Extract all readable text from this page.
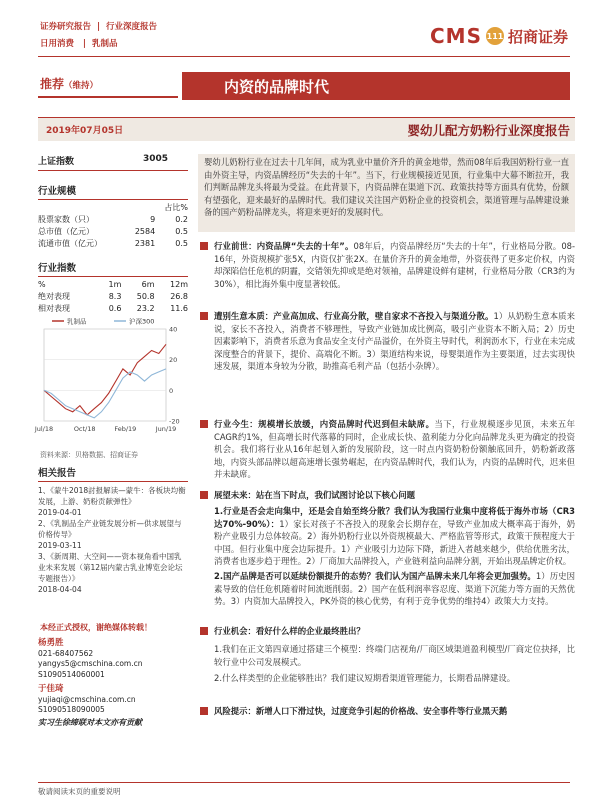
证券研究报告  |  行业深度报告
日用消费   |  乳制品	CMS 111 招商证券
推荐（维持）	内资的品牌时代
2019年07月05日	婴幼儿配方奶粉行业深度报告
上证指数	3005
行业规模
		占比%
股票家数（只）	9	0.2
总市值（亿元）	2584	0.5
流通市值（亿元）	2381	0.5
行业指数
%	1m	6m	12m
绝对表现	8.3	50.8	26.8
相对表现	0.6	23.2	11.6
40
20
0
-20
Jul/18	Oct/18	Feb/19	Jun/19
乳制品	沪深300
资料来源：贝格数据、招商证券
相关报告
1、《蒙牛2018討报解读—蒙牛：各板块均衡发展，上游、奶粉贡献弹性》
2019-04-01
2、《乳制品全产业链发展分析—供求展望与价格传导》
2019-03-11
3、《新周期、大空间——资本视角看中国乳业未来发展（第12届内蒙古乳业博览会论坛专题报告）》
2018-04-04
本经正式授权，谢绝媒体转载！
杨勇胜
021-68407562
yangys5@cmschina.com.cn
S1090514060001
于佳琦
yujiaqi@cmschina.com.cn
S1090518090005
实习生徐缔联对本文亦有贡献
婴幼儿奶粉行业在过去十几年间，成为乳业中量价齐升的黄金地带，然而08年后我国奶粉行业一直由外资主导，内资品牌经历“失去的十年”。当下，行业规模接近见顶，行业集中大幕不断拉开，我们判断品牌龙头将最为受益。在此背景下，内资品牌在渠道下沉、政策扶持等方面具有优势，份额有望强化，迎来最好的品牌时代。我们建议关注国产奶粉企业的投资机会，渠道管理与品牌建设兼备的国产奶粉品牌龙头，将迎来更好的发展时代。
行业前世：内资品牌“失去的十年”。08年后，内资品牌经历“失去的十年”，行业格局分散。08-16年，外资规模扩张5X，内资仅扩张2X。在量价齐升的黄金地带，外资获得了更多定价权，内资却深陷信任危机的阴霾，交错领先抑或是绝对领袖，品牌建设鲜有建树，行业格局分散（CR3约为30%），相比海外集中度显著较低。
遭别生意本质：产业高加成、行业高分散，壁自家求不吝投入与渠道分散。1）从奶粉生意本质来说，家长不吝投入，消费者不够理性，导致产业链加成比例高，吸引产业资本不断入局；2）历史因素影响下，消费者乐意为食品安全支付产品溢价，在外资主导时代，利润沥水下，行业在未完成深度整合的背景下，提价、高端化不断。3）渠道结构来说，母婴渠道作为主要渠道，过去实现快速发展，渠道本身较为分散，助推高毛利产品（包括小杂牌）。
行业今生：规模增长放缓，内资品牌时代迟到但未缺席。当下，行业规模逐步见顶，未来五年CAGR约1%，但高增长时代落幕的同时，企业成长快、盈利能力分化向品牌龙头更为确定的投资机会。我们将行业从16年起划入新的发展阶段，这一时点内资奶粉份额触底回升，奶粉新政落地，内资头部品牌以超高速增长强势崛起，在内资品牌时代，我们认为，内资的品牌时代，迟来但并未缺席。
展望未来：站在当下时点，我们试图讨论以下核心问题
1.行业是否会走向集中，还是会自始至终分散？我们认为我国行业集中度将低于海外市场（CR3达70%-90%）：1）家长对孩子不吝投入的现象会长期存在，导致产业加成大概率高于海外，奶粉产业吸引力总体较高。2）海外奶粉行业以外资规模最大、严格监管等形式，政策干预程度大于中国。但行业集中度会边际提升。1）产业吸引力边际下降，新进入者越来越少，供给优胜劣汰，消费者也逐步趋于理性。2）厂商加大品牌投入，产业链利益向品牌分割，开始出现品牌定价权。
2.国产品牌是否可以延续份额提升的态势？我们认为国产品牌未来几年将会更加强势。1）历史因素导致的信任危机随着时间流逝削弱。2）国产在低利润率容忍度、渠道下沉能力等方面的天然优势。3）内资加大品牌投入，PK外资的核心优势，有利于竞争优势的维持4）政策大力支持。
行业机会：看好什么样的企业最终胜出？
1.我们在正文第四章通过搭建三个模型：终端门店视角/厂商区域渠道盈利模型/厂商定位抉择，比较行业中公司发展模式。
2.什么样类型的企业能够胜出？我们建议短期看渠道管理能力，长期看品牌建设。
风险提示：新增人口下滑过快，过度竞争引起的价格战、安全事件等行业黑天鹅
敬请阅读末页的重要说明
